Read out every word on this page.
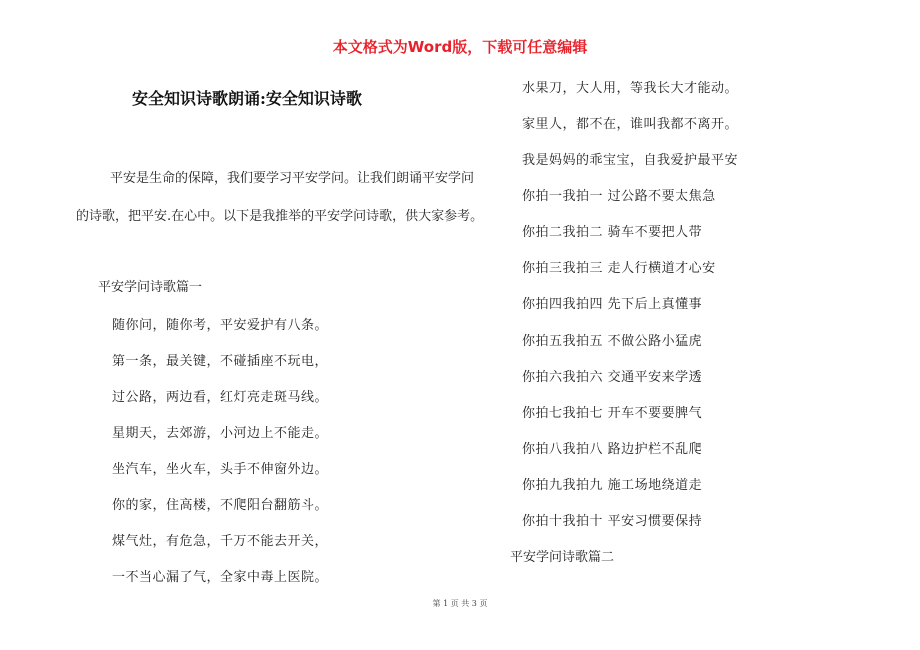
本文格式为Word版，下载可任意编辑
安全知识诗歌朗诵:安全知识诗歌
平安是生命的保障，我们要学习平安学问。让我们朗诵平安学问
的诗歌，把平安.在心中。以下是我推举的平安学问诗歌，供大家参考。
平安学问诗歌篇一
随你问，随你考，平安爱护有八条。
第一条，最关键，不碰插座不玩电，
过公路，两边看，红灯亮走斑马线。
星期天，去郊游，小河边上不能走。
坐汽车，坐火车，头手不伸窗外边。
你的家，住高楼，不爬阳台翻筋斗。
煤气灶，有危急，千万不能去开关，
一不当心漏了气，全家中毒上医院。
水果刀，大人用，等我长大才能动。
家里人，都不在，谁叫我都不离开。
我是妈妈的乖宝宝，自我爱护最平安
你拍一我拍一 过公路不要太焦急
你拍二我拍二 骑车不要把人带
你拍三我拍三 走人行横道才心安
你拍四我拍四 先下后上真懂事
你拍五我拍五 不做公路小猛虎
你拍六我拍六 交通平安来学透
你拍七我拍七 开车不要要脾气
你拍八我拍八 路边护栏不乱爬
你拍九我拍九 施工场地绕道走
你拍十我拍十 平安习惯要保持
平安学问诗歌篇二
第 1 页 共 3 页
